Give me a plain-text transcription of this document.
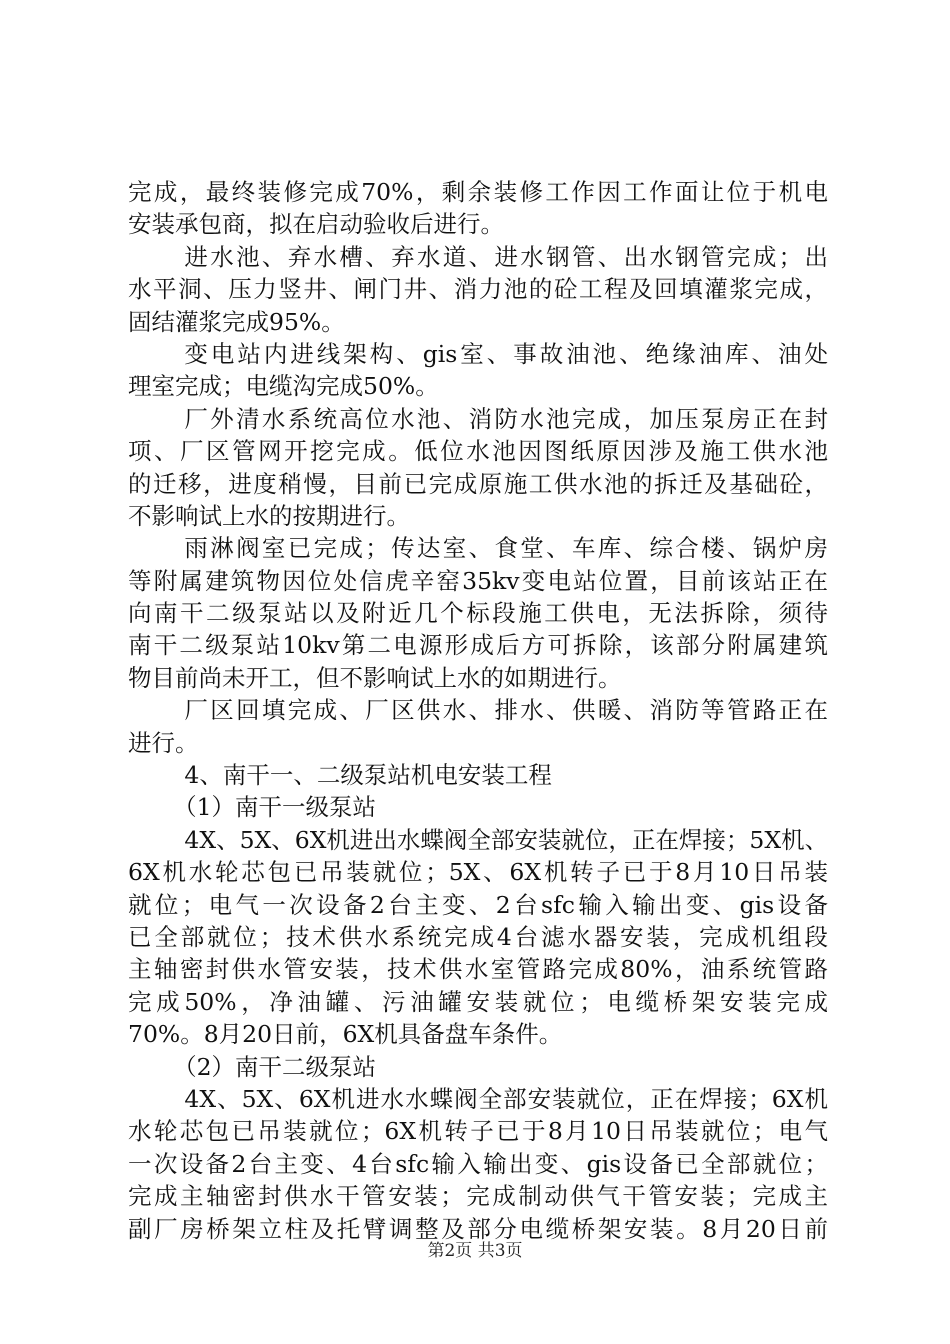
完成，最终装修完成70%，剩余装修工作因工作面让位于机电
安装承包商，拟在启动验收后进行。
进水池、弃水槽、弃水道、进水钢管、出水钢管完成；出
水平洞、压力竖井、闸门井、消力池的砼工程及回填灌浆完成，
固结灌浆完成95%。
变电站内进线架构、gis室、事故油池、绝缘油库、油处
理室完成；电缆沟完成50%。
厂外清水系统高位水池、消防水池完成，加压泵房正在封
项、厂区管网开挖完成。低位水池因图纸原因涉及施工供水池
的迁移，进度稍慢，目前已完成原施工供水池的拆迁及基础砼，
不影响试上水的按期进行。
雨淋阀室已完成；传达室、食堂、车库、综合楼、锅炉房
等附属建筑物因位处信虎辛窑35kv变电站位置，目前该站正在
向南干二级泵站以及附近几个标段施工供电，无法拆除，须待
南干二级泵站10kv第二电源形成后方可拆除，该部分附属建筑
物目前尚未开工，但不影响试上水的如期进行。
厂区回填完成、厂区供水、排水、供暖、消防等管路正在
进行。
4、南干一、二级泵站机电安装工程
（1）南干一级泵站
4X、5X、6X机进出水蝶阀全部安装就位，正在焊接；5X机、
6X机水轮芯包已吊装就位；5X、6X机转子已于8月10日吊装
就位；电气一次设备2台主变、2台sfc输入输出变、gis设备
已全部就位；技术供水系统完成4台滤水器安装，完成机组段
主轴密封供水管安装，技术供水室管路完成80%，油系统管路
完成50%，净油罐、污油罐安装就位；电缆桥架安装完成
70%。8月20日前，6X机具备盘车条件。
（2）南干二级泵站
4X、5X、6X机进水水蝶阀全部安装就位，正在焊接；6X机
水轮芯包已吊装就位；6X机转子已于8月10日吊装就位；电气
一次设备2台主变、4台sfc输入输出变、gis设备已全部就位；
完成主轴密封供水干管安装；完成制动供气干管安装；完成主
副厂房桥架立柱及托臂调整及部分电缆桥架安装。8月20日前
第2页 共3页
